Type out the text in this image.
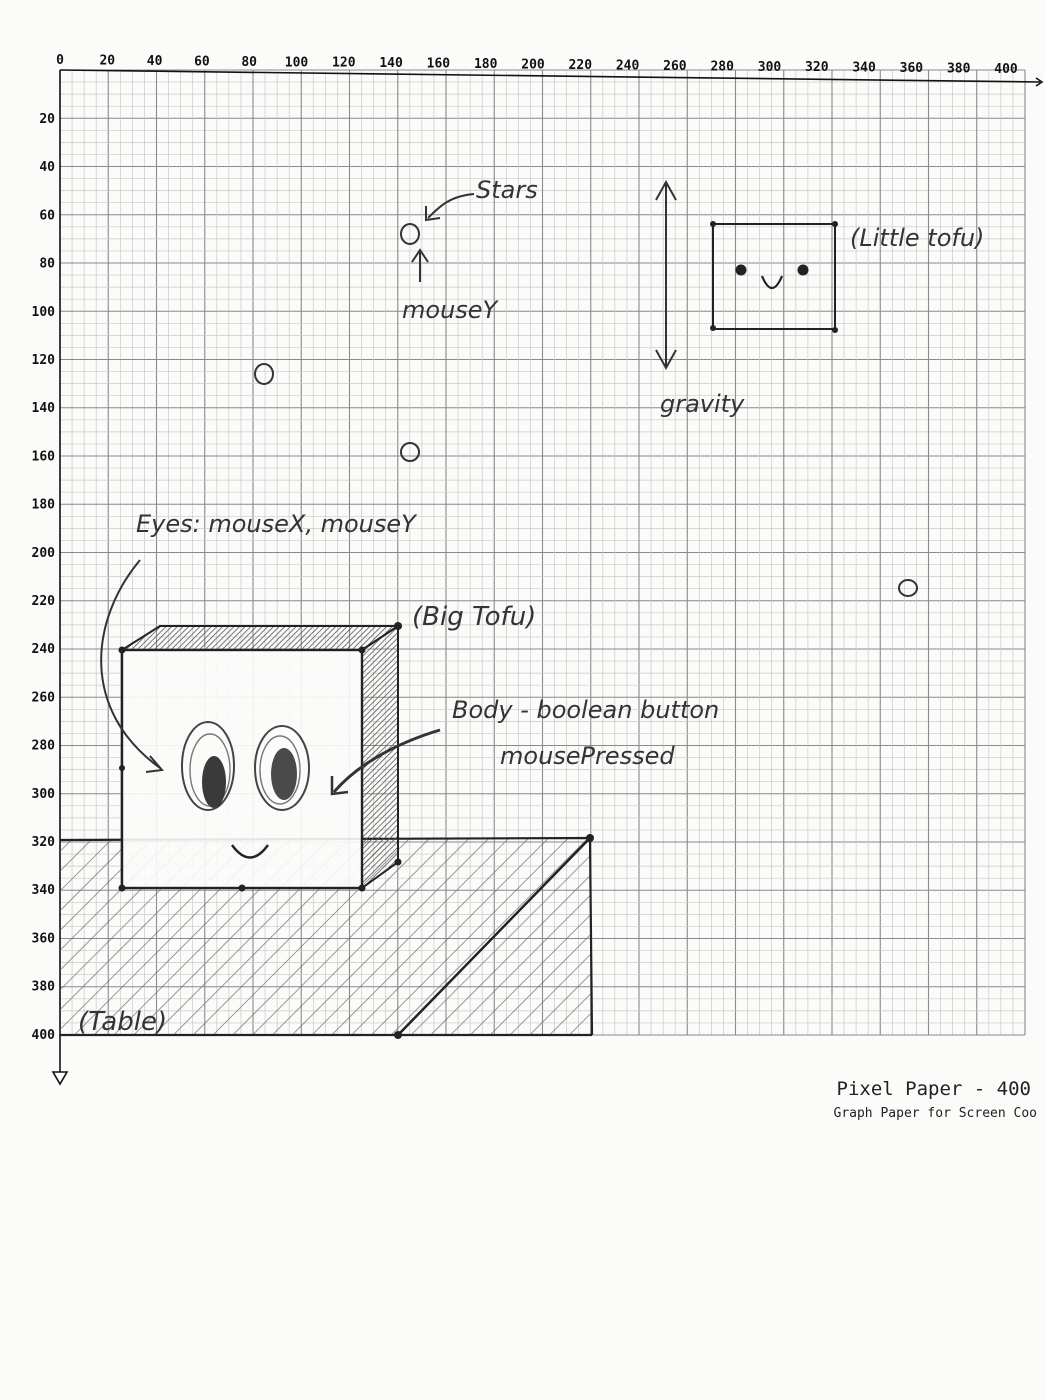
0	20 40 60 80 100 120 140 160 180 200 220 240 260 280 300 320 340 360 380 400
20
40
60
80
100
120
140
160
180
200
220
240
260
280
300
320
340
360
380
400 (Table)
(Big Tofu)
Eyes: mouseX, mouseY
Body - boolean button
mousePressed
Stars
mouseY
gravity
(Little tofu)
Pixel Paper - 400
Graph Paper for Screen Coo
